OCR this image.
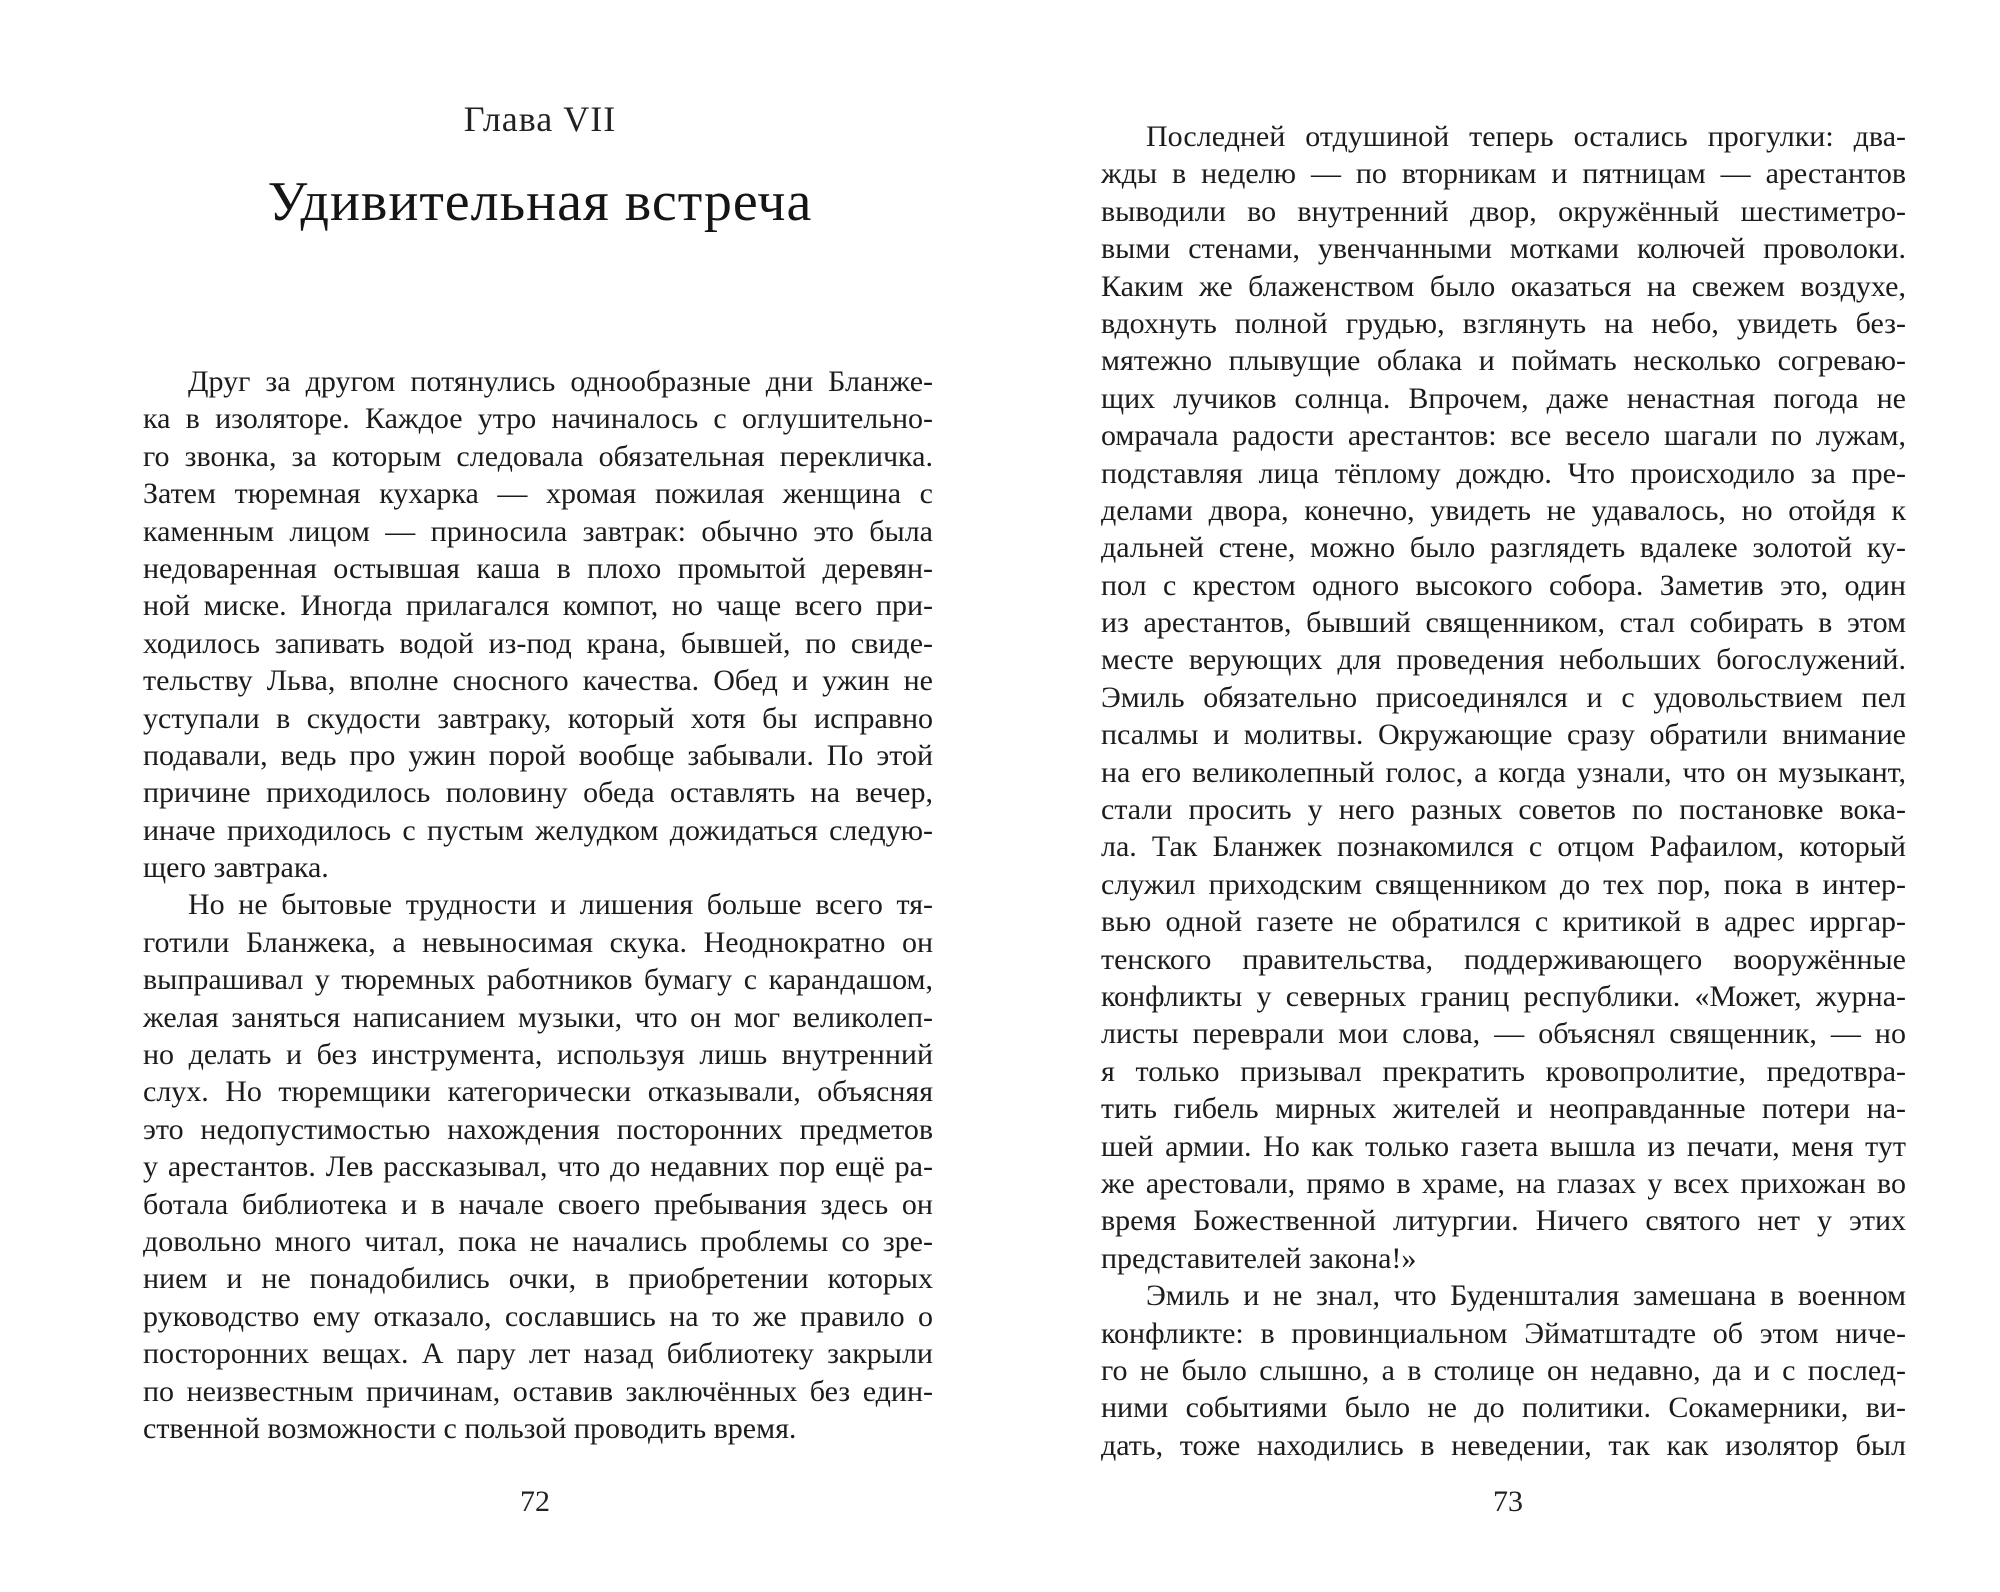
Глава VII
Удивительная встреча
Друг за другом потянулись однообразные дни Бланже-
ка в изоляторе. Каждое утро начиналось с оглушительно-
го звонка, за которым следовала обязательная перекличка.
Затем тюремная кухарка — хромая пожилая женщина с
каменным лицом — приносила завтрак: обычно это была
недоваренная остывшая каша в плохо промытой деревян-
ной миске. Иногда прилагался компот, но чаще всего при-
ходилось запивать водой из-под крана, бывшей, по свиде-
тельству Льва, вполне сносного качества. Обед и ужин не
уступали в скудости завтраку, который хотя бы исправно
подавали, ведь про ужин порой вообще забывали. По этой
причине приходилось половину обеда оставлять на вечер,
иначе приходилось с пустым желудком дожидаться следую-
щего завтрака.
Но не бытовые трудности и лишения больше всего тя-
готили Бланжека, а невыносимая скука. Неоднократно он
выпрашивал у тюремных работников бумагу с карандашом,
желая заняться написанием музыки, что он мог великолеп-
но делать и без инструмента, используя лишь внутренний
слух. Но тюремщики категорически отказывали, объясняя
это недопустимостью нахождения посторонних предметов
у арестантов. Лев рассказывал, что до недавних пор ещё ра-
ботала библиотека и в начале своего пребывания здесь он
довольно много читал, пока не начались проблемы со зре-
нием и не понадобились очки, в приобретении которых
руководство ему отказало, сославшись на то же правило о
посторонних вещах. А пару лет назад библиотеку закрыли
по неизвестным причинам, оставив заключённых без един-
ственной возможности с пользой проводить время.
72
Последней отдушиной теперь остались прогулки: два-
жды в неделю — по вторникам и пятницам — арестантов
выводили во внутренний двор, окружённый шестиметро-
выми стенами, увенчанными мотками колючей проволоки.
Каким же блаженством было оказаться на свежем воздухе,
вдохнуть полной грудью, взглянуть на небо, увидеть без-
мятежно плывущие облака и поймать несколько согреваю-
щих лучиков солнца. Впрочем, даже ненастная погода не
омрачала радости арестантов: все весело шагали по лужам,
подставляя лица тёплому дождю. Что происходило за пре-
делами двора, конечно, увидеть не удавалось, но отойдя к
дальней стене, можно было разглядеть вдалеке золотой ку-
пол с крестом одного высокого собора. Заметив это, один
из арестантов, бывший священником, стал собирать в этом
месте верующих для проведения небольших богослужений.
Эмиль обязательно присоединялся и с удовольствием пел
псалмы и молитвы. Окружающие сразу обратили внимание
на его великолепный голос, а когда узнали, что он музыкант,
стали просить у него разных советов по постановке вока-
ла. Так Бланжек познакомился с отцом Рафаилом, который
служил приходским священником до тех пор, пока в интер-
вью одной газете не обратился с критикой в адрес ирргар-
тенского правительства, поддерживающего вооружённые
конфликты у северных границ республики. «Может, журна-
листы переврали мои слова, — объяснял священник, — но
я только призывал прекратить кровопролитие, предотвра-
тить гибель мирных жителей и неоправданные потери на-
шей армии. Но как только газета вышла из печати, меня тут
же арестовали, прямо в храме, на глазах у всех прихожан во
время Божественной литургии. Ничего святого нет у этих
представителей закона!»
Эмиль и не знал, что Буденшталия замешана в военном
конфликте: в провинциальном Эйматштадте об этом ниче-
го не было слышно, а в столице он недавно, да и с послед-
ними событиями было не до политики. Сокамерники, ви-
дать, тоже находились в неведении, так как изолятор был
73
